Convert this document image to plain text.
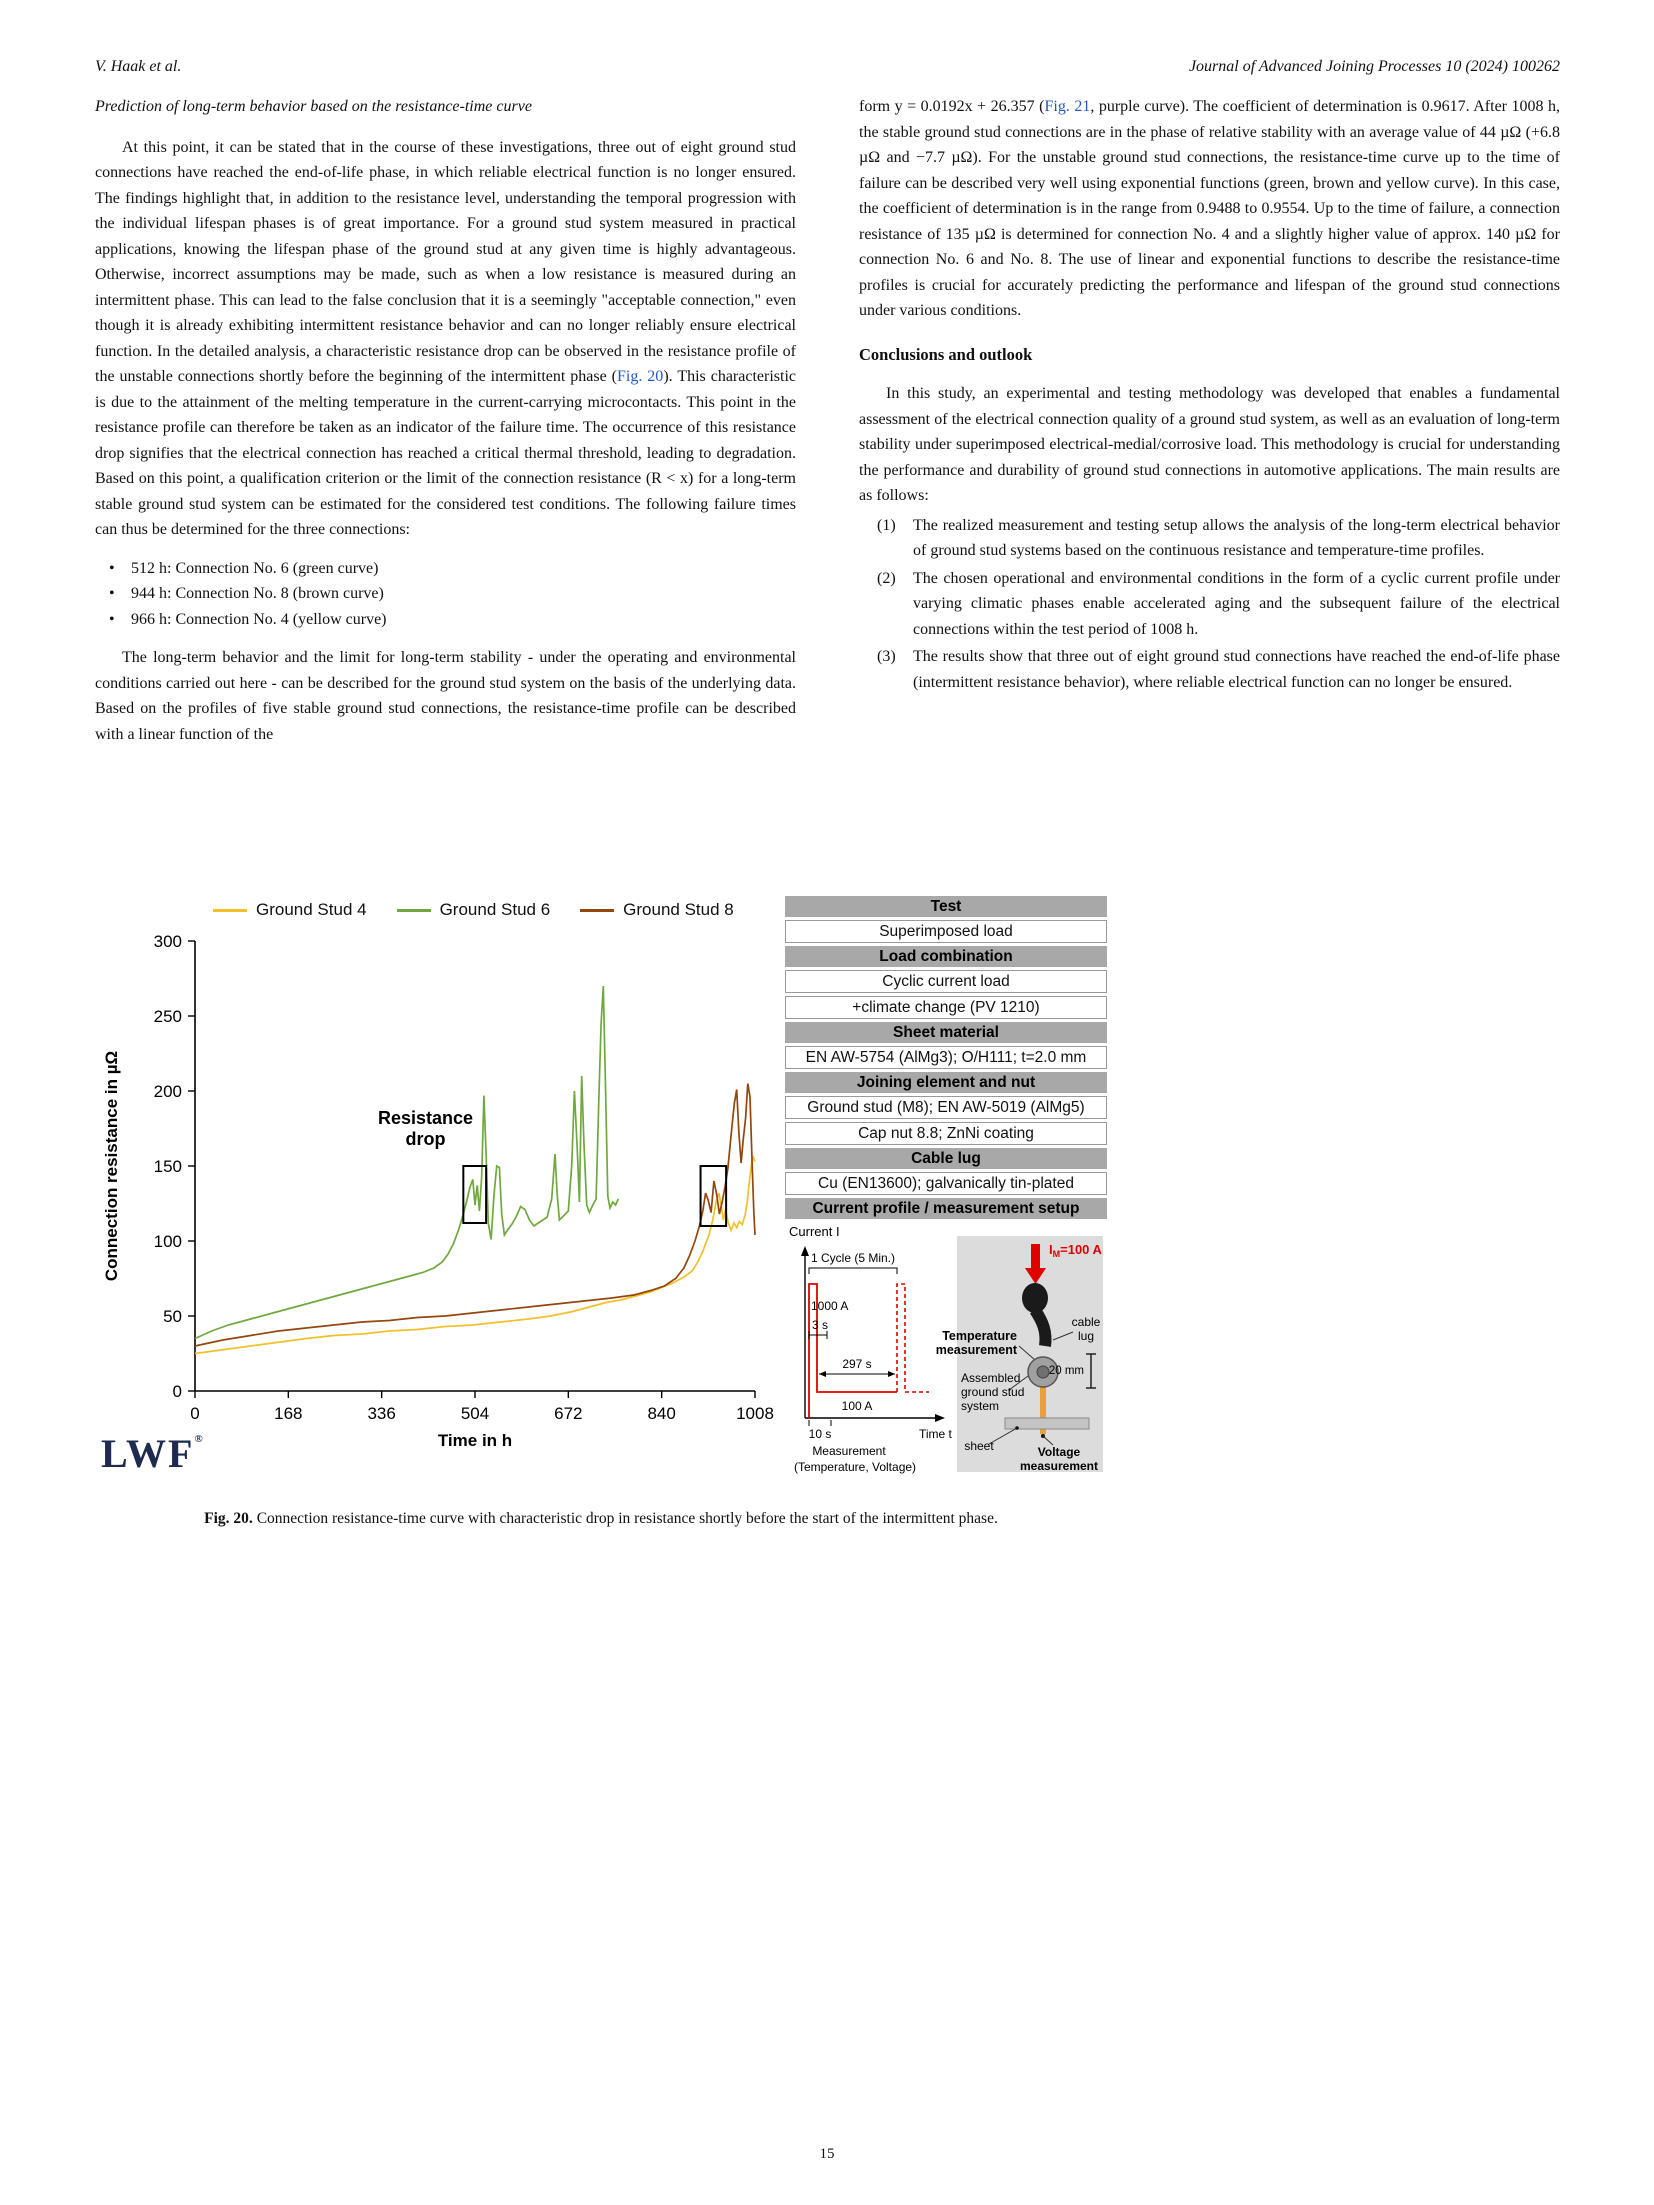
V. Haak et al.	Journal of Advanced Joining Processes 10 (2024) 100262
Prediction of long-term behavior based on the resistance-time curve

At this point, it can be stated that in the course of these investigations, three out of eight ground stud connections have reached the end-of-life phase, in which reliable electrical function is no longer ensured. The findings highlight that, in addition to the resistance level, understanding the temporal progression with the individual lifespan phases is of great importance. For a ground stud system measured in practical applications, knowing the lifespan phase of the ground stud at any given time is highly advantageous. Otherwise, incorrect assumptions may be made, such as when a low resistance is measured during an intermittent phase. This can lead to the false conclusion that it is a seemingly "acceptable connection," even though it is already exhibiting intermittent resistance behavior and can no longer reliably ensure electrical function. In the detailed analysis, a characteristic resistance drop can be observed in the resistance profile of the unstable connections shortly before the beginning of the intermittent phase (Fig. 20). This characteristic is due to the attainment of the melting temperature in the current-carrying microcontacts. This point in the resistance profile can therefore be taken as an indicator of the failure time. The occurrence of this resistance drop signifies that the electrical connection has reached a critical thermal threshold, leading to degradation. Based on this point, a qualification criterion or the limit of the connection resistance (R < x) for a long-term stable ground stud system can be estimated for the considered test conditions. The following failure times can thus be determined for the three connections:

•	512 h: Connection No. 6 (green curve)
•	944 h: Connection No. 8 (brown curve)
•	966 h: Connection No. 4 (yellow curve)

The long-term behavior and the limit for long-term stability - under the operating and environmental conditions carried out here - can be described for the ground stud system on the basis of the underlying data. Based on the profiles of five stable ground stud connections, the resistance-time profile can be described with a linear function of the

form y = 0.0192x + 26.357 (Fig. 21, purple curve). The coefficient of determination is 0.9617. After 1008 h, the stable ground stud connections are in the phase of relative stability with an average value of 44 µΩ (+6.8 µΩ and −7.7 µΩ). For the unstable ground stud connections, the resistance-time curve up to the time of failure can be described very well using exponential functions (green, brown and yellow curve). In this case, the coefficient of determination is in the range from 0.9488 to 0.9554. Up to the time of failure, a connection resistance of 135 µΩ is determined for connection No. 4 and a slightly higher value of approx. 140 µΩ for connection No. 6 and No. 8. The use of linear and exponential functions to describe the resistance-time profiles is crucial for accurately predicting the performance and lifespan of the ground stud connections under various conditions.

Conclusions and outlook

In this study, an experimental and testing methodology was developed that enables a fundamental assessment of the electrical connection quality of a ground stud system, as well as an evaluation of long-term stability under superimposed electrical-medial/corrosive load. This methodology is crucial for understanding the performance and durability of ground stud connections in automotive applications. The main results are as follows:

(1)	The realized measurement and testing setup allows the analysis of the long-term electrical behavior of ground stud systems based on the continuous resistance and temperature-time profiles.
(2)	The chosen operational and environmental conditions in the form of a cyclic current profile under varying climatic phases enable accelerated aging and the subsequent failure of the electrical connections within the test period of 1008 h.
(3)	The results show that three out of eight ground stud connections have reached the end-of-life phase (intermittent resistance behavior), where reliable electrical function can no longer be ensured.
Ground Stud 4	Ground Stud 6	Ground Stud 8
Connection resistance in µΩ
Time in h
0
50
100
150
200
250
300
0	168	336	504	672	840	1008
Resistance
drop
LWF®
Test
Superimposed load
Load combination
Cyclic current load
+climate change (PV 1210)
Sheet material
EN AW-5754 (AlMg3); O/H111; t=2.0 mm
Joining element and nut
Ground stud (M8); EN AW-5019 (AlMg5)
Cap nut 8.8; ZnNi coating
Cable lug
Cu (EN13600); galvanically tin-plated
Current profile / measurement setup
Current I
1 Cycle (5 Min.)
1000 A
3 s
297 s
100 A
10 s	Time t
Measurement
(Temperature, Voltage)
$I_M=100$ A
cable
lug
Temperature
measurement
20 mm
Assembled
ground stud
system
sheet	Voltage
measurement
Fig. 20. Connection resistance-time curve with characteristic drop in resistance shortly before the start of the intermittent phase.
15
